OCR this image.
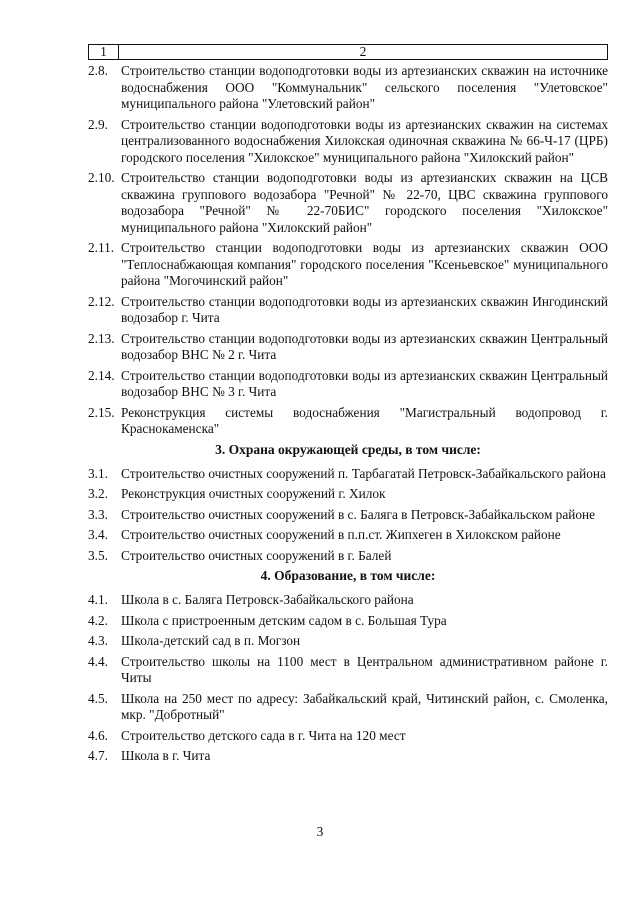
1	2
2.8. Строительство станции водоподготовки воды из артезианских скважин на источнике водоснабжения ООО "Коммунальник" сельского поселения "Улетовское" муниципального района "Улетовский район"
2.9. Строительство станции водоподготовки воды из артезианских скважин на системах централизованного водоснабжения Хилокская одиночная скважина № 66-Ч-17 (ЦРБ) городского поселения "Хилокское" муниципального района "Хилокский район"
2.10. Строительство станции водоподготовки воды из артезианских скважин на ЦСВ скважина группового водозабора "Речной" № 22-70, ЦВС скважина группового водозабора "Речной" № 22-70БИС" городского поселения "Хилокское" муниципального района "Хилокский район"
2.11. Строительство станции водоподготовки воды из артезианских скважин ООО "Теплоснабжающая компания" городского поселения "Ксеньевское" муниципального района "Могочинский район"
2.12. Строительство станции водоподготовки воды из артезианских скважин Ингодинский водозабор г. Чита
2.13. Строительство станции водоподготовки воды из артезианских скважин Центральный водозабор ВНС № 2 г. Чита
2.14. Строительство станции водоподготовки воды из артезианских скважин Центральный водозабор ВНС № 3 г. Чита
2.15. Реконструкция системы водоснабжения "Магистральный водопровод г. Краснокаменска"
3. Охрана окружающей среды, в том числе:
3.1. Строительство очистных сооружений п. Тарбагатай Петровск-Забайкальского района
3.2. Реконструкция очистных сооружений г. Хилок
3.3. Строительство очистных сооружений в с. Баляга в Петровск-Забайкальском районе
3.4. Строительство очистных сооружений в п.п.ст. Жипхеген в Хилокском районе
3.5. Строительство очистных сооружений в г. Балей
4. Образование, в том числе:
4.1. Школа в с. Баляга Петровск-Забайкальского района
4.2. Школа с пристроенным детским садом в с. Большая Тура
4.3. Школа-детский сад в п. Могзон
4.4. Строительство школы на 1100 мест в Центральном административном районе г. Читы
4.5. Школа на 250 мест по адресу: Забайкальский край, Читинский район, с. Смоленка, мкр. "Добротный"
4.6. Строительство детского сада в г. Чита на 120 мест
4.7. Школа в г. Чита
3
